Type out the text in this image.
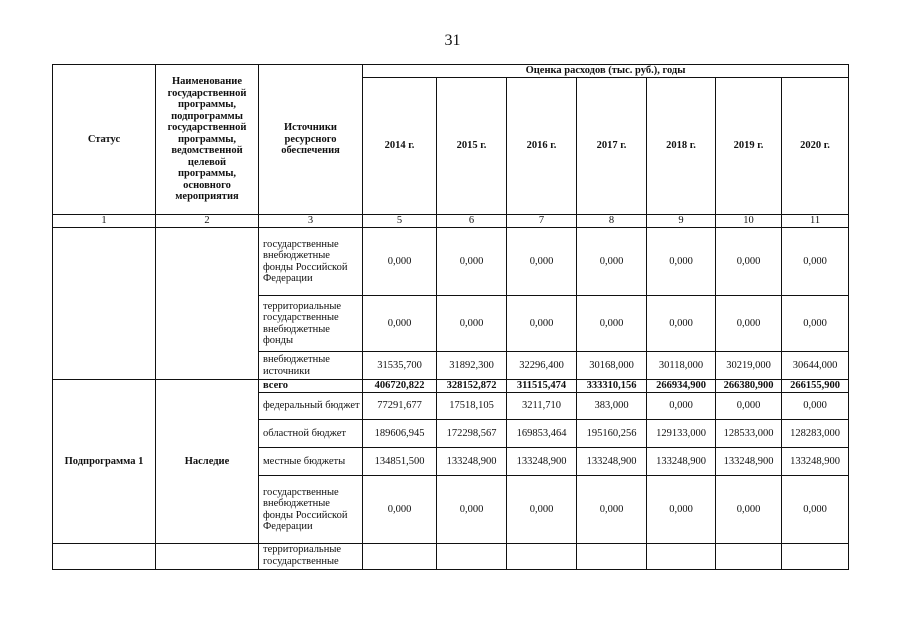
31
Статус	Наименование государственной программы, подпрограммы государственной программы, ведомственной целевой программы, основного мероприятия	Источники ресурсного обеспечения	Оценка расходов (тыс. руб.), годы						
			2014 г.	2015 г.	2016 г.	2017 г.	2018 г.	2019 г.	2020 г.
1	2	3	5	6	7	8	9	10	11
		государственные внебюджетные фонды Российской Федерации	0,000	0,000	0,000	0,000	0,000	0,000	0,000
		территориальные государственные внебюджетные фонды	0,000	0,000	0,000	0,000	0,000	0,000	0,000
		внебюджетные источники	31535,700	31892,300	32296,400	30168,000	30118,000	30219,000	30644,000
Подпрограмма 1	Наследие	всего	406720,822	328152,872	311515,474	333310,156	266934,900	266380,900	266155,900
		федеральный бюджет	77291,677	17518,105	3211,710	383,000	0,000	0,000	0,000
		областной бюджет	189606,945	172298,567	169853,464	195160,256	129133,000	128533,000	128283,000
		местные бюджеты	134851,500	133248,900	133248,900	133248,900	133248,900	133248,900	133248,900
		государственные внебюджетные фонды Российской Федерации	0,000	0,000	0,000	0,000	0,000	0,000	0,000
		территориальные государственные							
